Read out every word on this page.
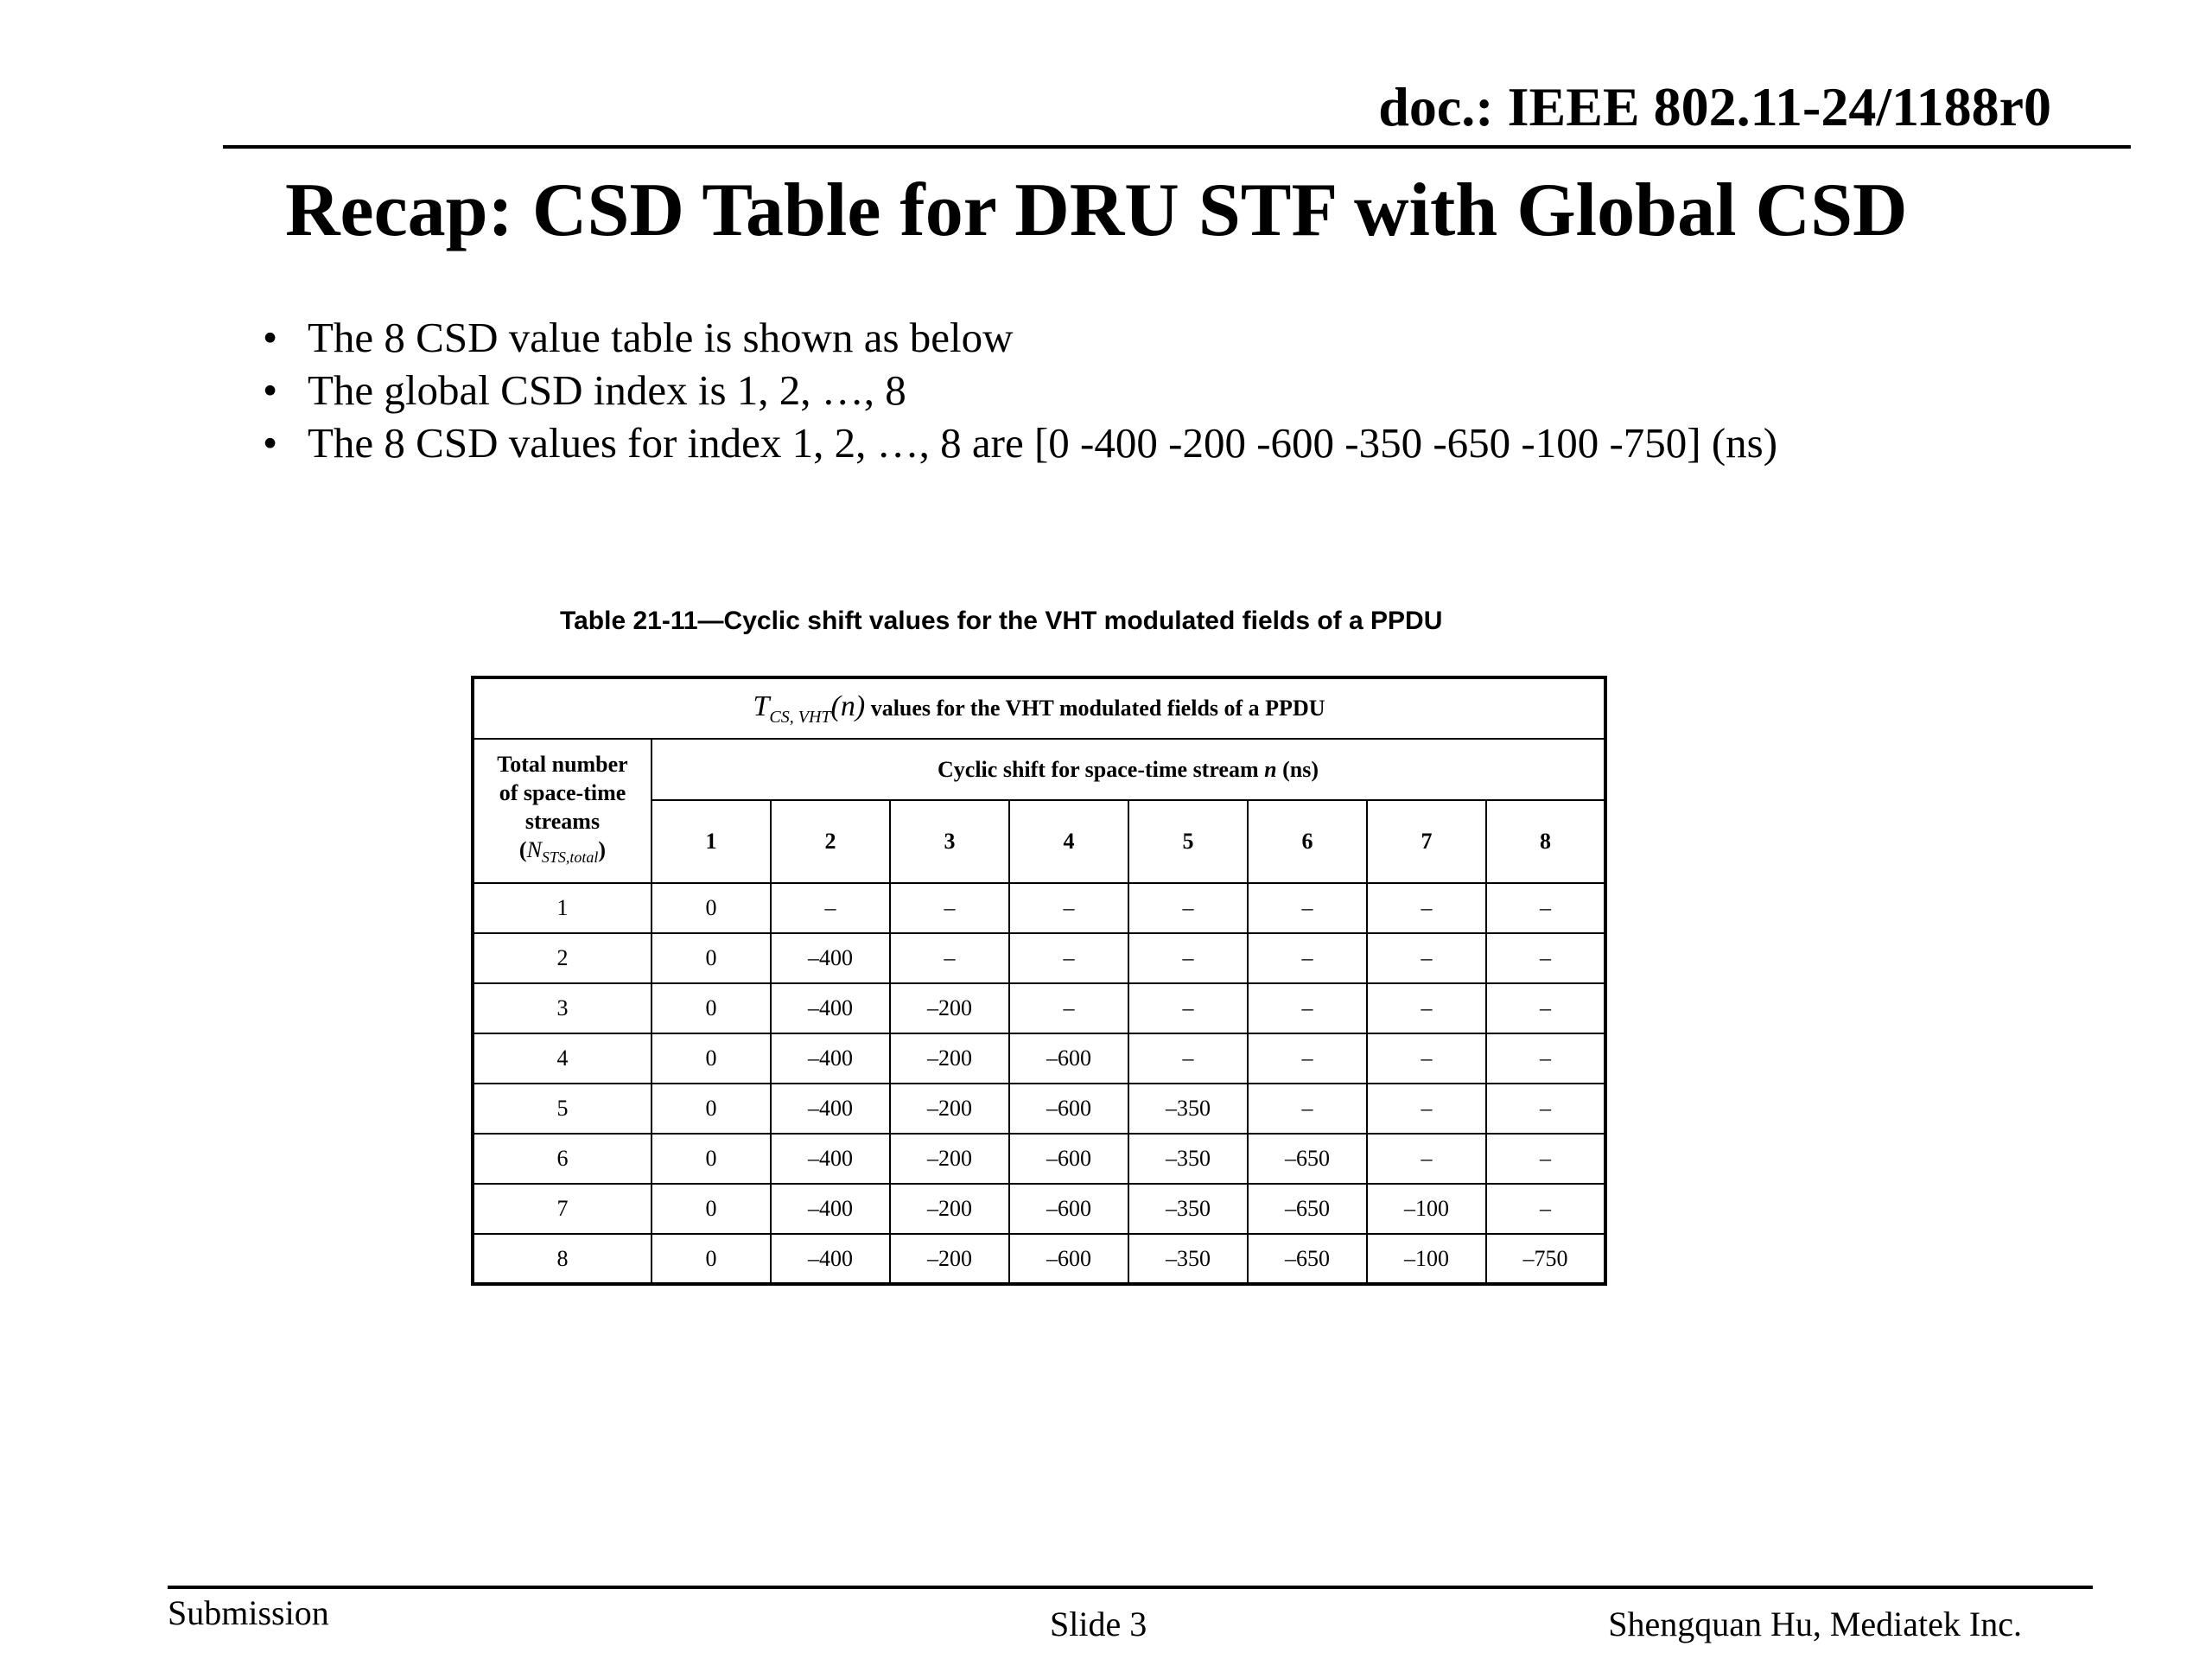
doc.: IEEE 802.11-24/1188r0
Recap: CSD Table for DRU STF with Global CSD
• The 8 CSD value table is shown as below
• The global CSD index is 1, 2, …, 8
• The 8 CSD values for index 1, 2, …, 8 are [0 -400 -200 -600 -350 -650 -100 -750] (ns)
Table 21-11—Cyclic shift values for the VHT modulated fields of a PPDU
$T_{CS, VHT}(n)$ values for the VHT modulated fields of a PPDU								
Total number
of space-time
streams
$(N_{STS,total})$	Cyclic shift for space-time stream n (ns)							
	1	2	3	4	5	6	7	8
1	0	–	–	–	–	–	–	–
2	0	–400	–	–	–	–	–	–
3	0	–400	–200	–	–	–	–	–
4	0	–400	–200	–600	–	–	–	–
5	0	–400	–200	–600	–350	–	–	–
6	0	–400	–200	–600	–350	–650	–	–
7	0	–400	–200	–600	–350	–650	–100	–
8	0	–400	–200	–600	–350	–650	–100	–750
Submission	Slide 3	Shengquan Hu, Mediatek Inc.
